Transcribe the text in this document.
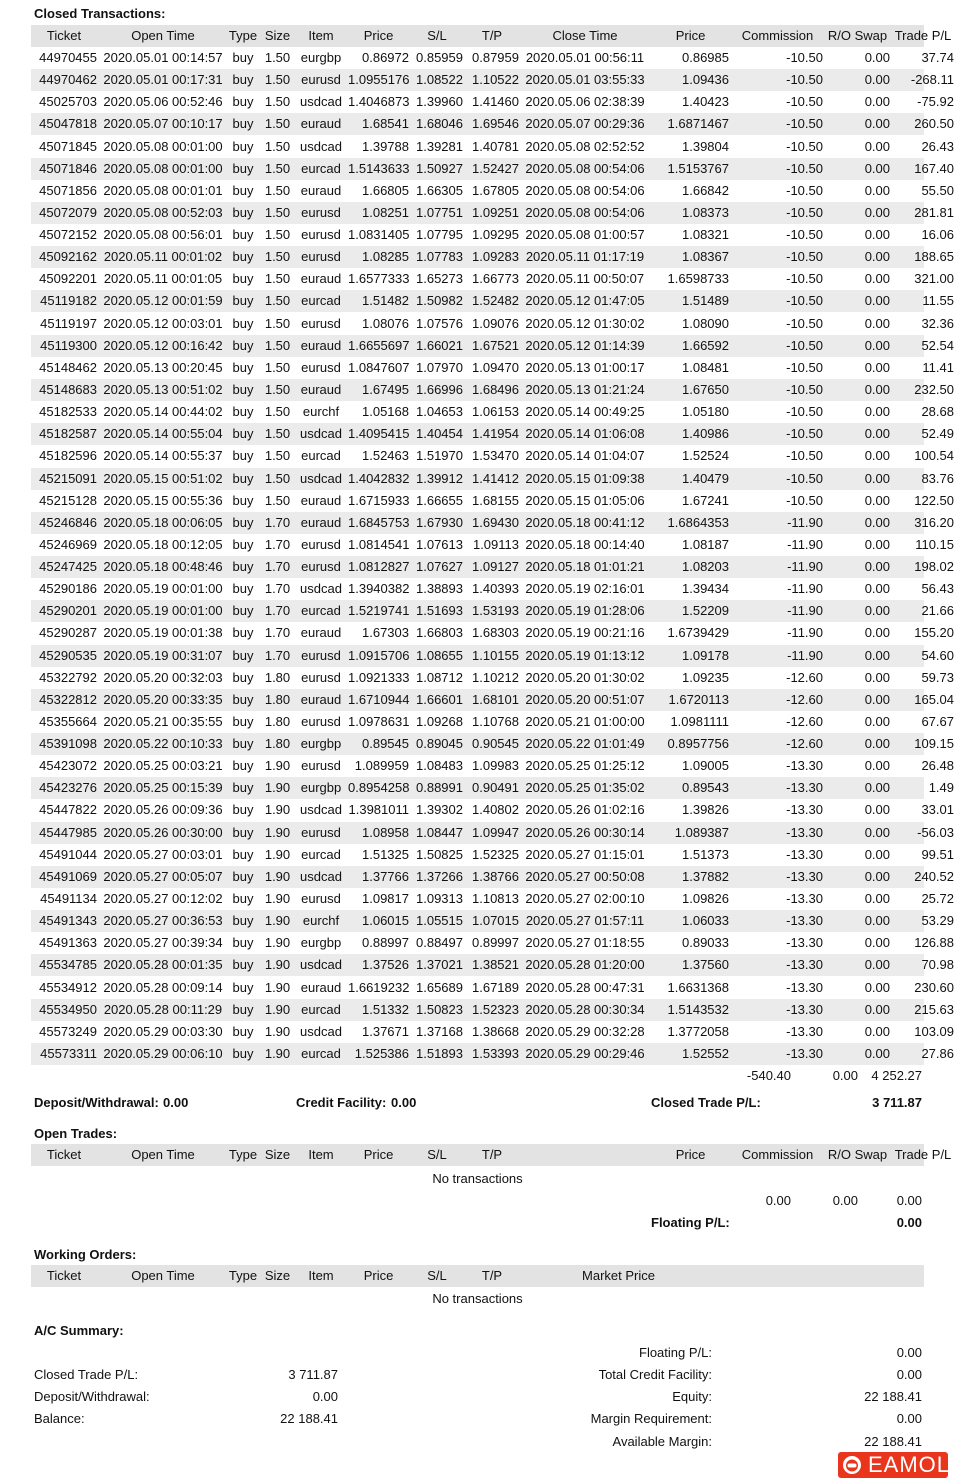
Closed Transactions:
Ticket	Open Time	Type Size	Item	Price	S/L	T/P	Close Time	Price	Commission	R/O Swap Trade P/L
44970455 2020.05.01 00:14:57 buy 1.50 eurgbp	0.86972 0.85959 0.87959 2020.05.01 00:56:11	0.86985	-10.50	0.00	37.74
44970462 2020.05.01 00:17:31 buy 1.50 eurusd 1.0955176 1.08522 1.10522 2020.05.01 03:55:33	1.09436	-10.50	0.00	-268.11
45025703 2020.05.06 00:52:46 buy 1.50 usdcad 1.4046873 1.39960 1.41460 2020.05.06 02:38:39	1.40423	-10.50	0.00	-75.92
45047818 2020.05.07 00:10:17 buy 1.50 euraud	1.68541 1.68046 1.69546 2020.05.07 00:29:36	1.6871467	-10.50	0.00	260.50
45071845 2020.05.08 00:01:00 buy 1.50 usdcad	1.39788 1.39281 1.40781 2020.05.08 02:52:52	1.39804	-10.50	0.00	26.43
45071846 2020.05.08 00:01:00 buy 1.50 eurcad 1.5143633 1.50927 1.52427 2020.05.08 00:54:06	1.5153767	-10.50	0.00	167.40
45071856 2020.05.08 00:01:01 buy 1.50 euraud	1.66805 1.66305 1.67805 2020.05.08 00:54:06	1.66842	-10.50	0.00	55.50
45072079 2020.05.08 00:52:03 buy 1.50 eurusd	1.08251 1.07751 1.09251 2020.05.08 00:54:06	1.08373	-10.50	0.00	281.81
45072152 2020.05.08 00:56:01 buy 1.50 eurusd 1.0831405 1.07795 1.09295 2020.05.08 01:00:57	1.08321	-10.50	0.00	16.06
45092162 2020.05.11 00:01:02 buy 1.50 eurusd	1.08285 1.07783 1.09283 2020.05.11 01:17:19	1.08367	-10.50	0.00	188.65
45092201 2020.05.11 00:01:05 buy 1.50 euraud 1.6577333 1.65273 1.66773 2020.05.11 00:50:07	1.6598733	-10.50	0.00	321.00
45119182 2020.05.12 00:01:59 buy 1.50 eurcad	1.51482 1.50982 1.52482 2020.05.12 01:47:05	1.51489	-10.50	0.00	11.55
45119197 2020.05.12 00:03:01 buy 1.50 eurusd	1.08076 1.07576 1.09076 2020.05.12 01:30:02	1.08090	-10.50	0.00	32.36
45119300 2020.05.12 00:16:42 buy 1.50 euraud 1.6655697 1.66021 1.67521 2020.05.12 01:14:39	1.66592	-10.50	0.00	52.54
45148462 2020.05.13 00:20:45 buy 1.50 eurusd 1.0847607 1.07970 1.09470 2020.05.13 01:00:17	1.08481	-10.50	0.00	11.41
45148683 2020.05.13 00:51:02 buy 1.50 euraud	1.67495 1.66996 1.68496 2020.05.13 01:21:24	1.67650	-10.50	0.00	232.50
45182533 2020.05.14 00:44:02 buy 1.50 eurchf	1.05168 1.04653 1.06153 2020.05.14 00:49:25	1.05180	-10.50	0.00	28.68
45182587 2020.05.14 00:55:04 buy 1.50 usdcad 1.4095415 1.40454 1.41954 2020.05.14 01:06:08	1.40986	-10.50	0.00	52.49
45182596 2020.05.14 00:55:37 buy 1.50 eurcad	1.52463 1.51970 1.53470 2020.05.14 01:04:07	1.52524	-10.50	0.00	100.54
45215091 2020.05.15 00:51:02 buy 1.50 usdcad 1.4042832 1.39912 1.41412 2020.05.15 01:09:38	1.40479	-10.50	0.00	83.76
45215128 2020.05.15 00:55:36 buy 1.50 euraud 1.6715933 1.66655 1.68155 2020.05.15 01:05:06	1.67241	-10.50	0.00	122.50
45246846 2020.05.18 00:06:05 buy 1.70 euraud 1.6845753 1.67930 1.69430 2020.05.18 00:41:12	1.6864353	-11.90	0.00	316.20
45246969 2020.05.18 00:12:05 buy 1.70 eurusd 1.0814541 1.07613 1.09113 2020.05.18 00:14:40	1.08187	-11.90	0.00	110.15
45247425 2020.05.18 00:48:46 buy 1.70 eurusd 1.0812827 1.07627 1.09127 2020.05.18 01:01:21	1.08203	-11.90	0.00	198.02
45290186 2020.05.19 00:01:00 buy 1.70 usdcad 1.3940382 1.38893 1.40393 2020.05.19 02:16:01	1.39434	-11.90	0.00	56.43
45290201 2020.05.19 00:01:00 buy 1.70 eurcad 1.5219741 1.51693 1.53193 2020.05.19 01:28:06	1.52209	-11.90	0.00	21.66
45290287 2020.05.19 00:01:38 buy 1.70 euraud	1.67303 1.66803 1.68303 2020.05.19 00:21:16	1.6739429	-11.90	0.00	155.20
45290535 2020.05.19 00:31:07 buy 1.70 eurusd 1.0915706 1.08655 1.10155 2020.05.19 01:13:12	1.09178	-11.90	0.00	54.60
45322792 2020.05.20 00:32:03 buy 1.80 eurusd 1.0921333 1.08712 1.10212 2020.05.20 01:30:02	1.09235	-12.60	0.00	59.73
45322812 2020.05.20 00:33:35 buy 1.80 euraud 1.6710944 1.66601 1.68101 2020.05.20 00:51:07	1.6720113	-12.60	0.00	165.04
45355664 2020.05.21 00:35:55 buy 1.80 eurusd 1.0978631 1.09268 1.10768 2020.05.21 01:00:00	1.0981111	-12.60	0.00	67.67
45391098 2020.05.22 00:10:33 buy 1.80 eurgbp	0.89545 0.89045 0.90545 2020.05.22 01:01:49	0.8957756	-12.60	0.00	109.15
45423072 2020.05.25 00:03:21 buy 1.90 eurusd	1.089959 1.08483 1.09983 2020.05.25 01:25:12	1.09005	-13.30	0.00	26.48
45423276 2020.05.25 00:15:39 buy 1.90 eurgbp 0.8954258 0.88991 0.90491 2020.05.25 01:35:02	0.89543	-13.30	0.00	1.49
45447822 2020.05.26 00:09:36 buy 1.90 usdcad 1.3981011 1.39302 1.40802 2020.05.26 01:02:16	1.39826	-13.30	0.00	33.01
45447985 2020.05.26 00:30:00 buy 1.90 eurusd	1.08958 1.08447 1.09947 2020.05.26 00:30:14	1.089387	-13.30	0.00	-56.03
45491044 2020.05.27 00:03:01 buy 1.90 eurcad	1.51325 1.50825 1.52325 2020.05.27 01:15:01	1.51373	-13.30	0.00	99.51
45491069 2020.05.27 00:05:07 buy 1.90 usdcad	1.37766 1.37266 1.38766 2020.05.27 00:50:08	1.37882	-13.30	0.00	240.52
45491134 2020.05.27 00:12:02 buy 1.90 eurusd	1.09817 1.09313 1.10813 2020.05.27 02:00:10	1.09826	-13.30	0.00	25.72
45491343 2020.05.27 00:36:53 buy 1.90 eurchf	1.06015 1.05515 1.07015 2020.05.27 01:57:11	1.06033	-13.30	0.00	53.29
45491363 2020.05.27 00:39:34 buy 1.90 eurgbp	0.88997 0.88497 0.89997 2020.05.27 01:18:55	0.89033	-13.30	0.00	126.88
45534785 2020.05.28 00:01:35 buy 1.90 usdcad	1.37526 1.37021 1.38521 2020.05.28 01:20:00	1.37560	-13.30	0.00	70.98
45534912 2020.05.28 00:09:14 buy 1.90 euraud 1.6619232 1.65689 1.67189 2020.05.28 00:47:31	1.6631368	-13.30	0.00	230.60
45534950 2020.05.28 00:11:29 buy 1.90 eurcad	1.51332 1.50823 1.52323 2020.05.28 00:30:34	1.5143532	-13.30	0.00	215.63
45573249 2020.05.29 00:03:30 buy 1.90 usdcad	1.37671 1.37168 1.38668 2020.05.29 00:32:28	1.3772058	-13.30	0.00	103.09
45573311 2020.05.29 00:06:10 buy 1.90 eurcad	1.525386 1.51893 1.53393 2020.05.29 00:29:46	1.52552	-13.30	0.00	27.86
-540.40	0.00	4 252.27
Deposit/Withdrawal: 0.00	Credit Facility: 0.00	Closed Trade P/L:	3 711.87
Open Trades:
Ticket	Open Time	Type Size	Item	Price	S/L	T/P	Price	Commission	R/O Swap Trade P/L
No transactions
0.00	0.00	0.00
Floating P/L:	0.00
Working Orders:
Ticket	Open Time	Type Size	Item	Price	S/L	T/P	Market Price
No transactions
A/C Summary:
Closed Trade P/L:	3 711.87
Deposit/Withdrawal:	0.00
Balance:	22 188.41
Floating P/L:	0.00
Total Credit Facility:	0.00
Equity:	22 188.41
Margin Requirement:	0.00
Available Margin:	22 188.41
EAMOL
